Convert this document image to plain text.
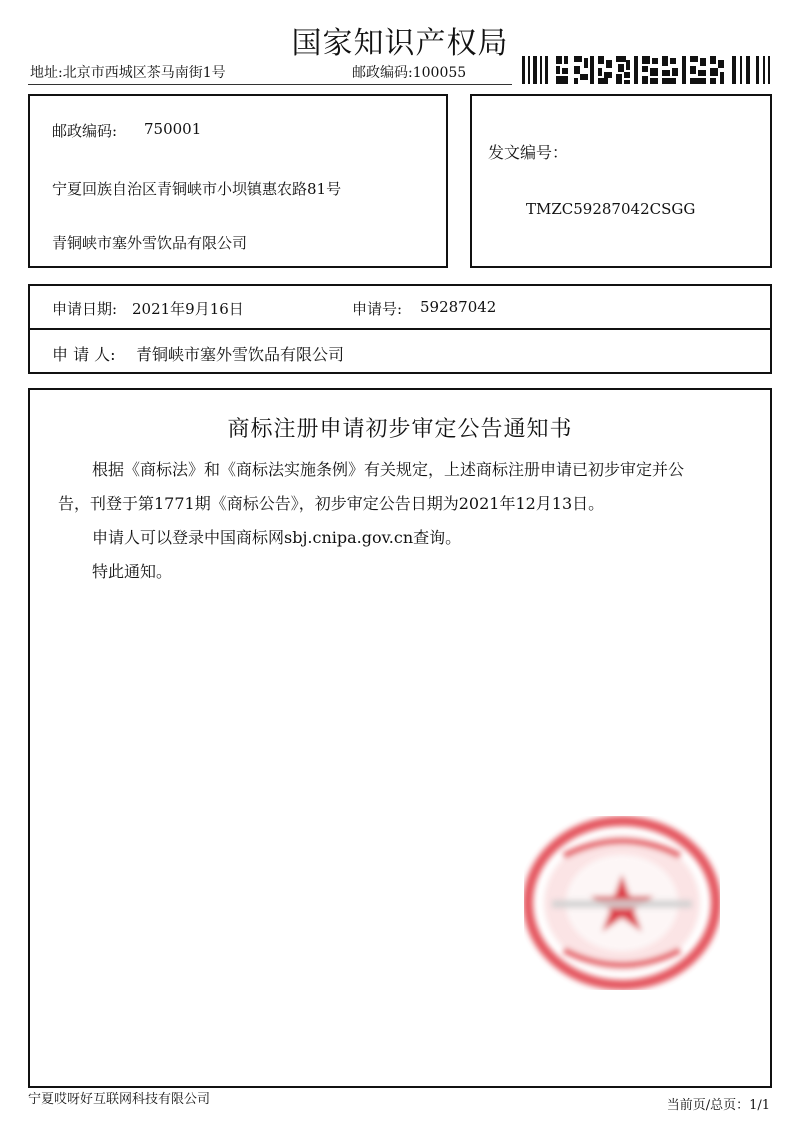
国家知识产权局
地址:北京市西城区茶马南街1号	邮政编码:100055
邮政编码: 750001
宁夏回族自治区青铜峡市小坝镇惠农路81号
青铜峡市塞外雪饮品有限公司
发文编号：
TMZC59287042CSGG
申请日期: 2021年9月16日	申请号: 59287042
申 请 人: 青铜峡市塞外雪饮品有限公司
商标注册申请初步审定公告通知书
根据《商标法》和《商标法实施条例》有关规定，上述商标注册申请已初步审定并公
告，刊登于第1771期《商标公告》，初步审定公告日期为2021年12月13日。
申请人可以登录中国商标网sbj.cnipa.gov.cn查询。
特此通知。
宁夏哎呀好互联网科技有限公司	当前页/总页：1/1
